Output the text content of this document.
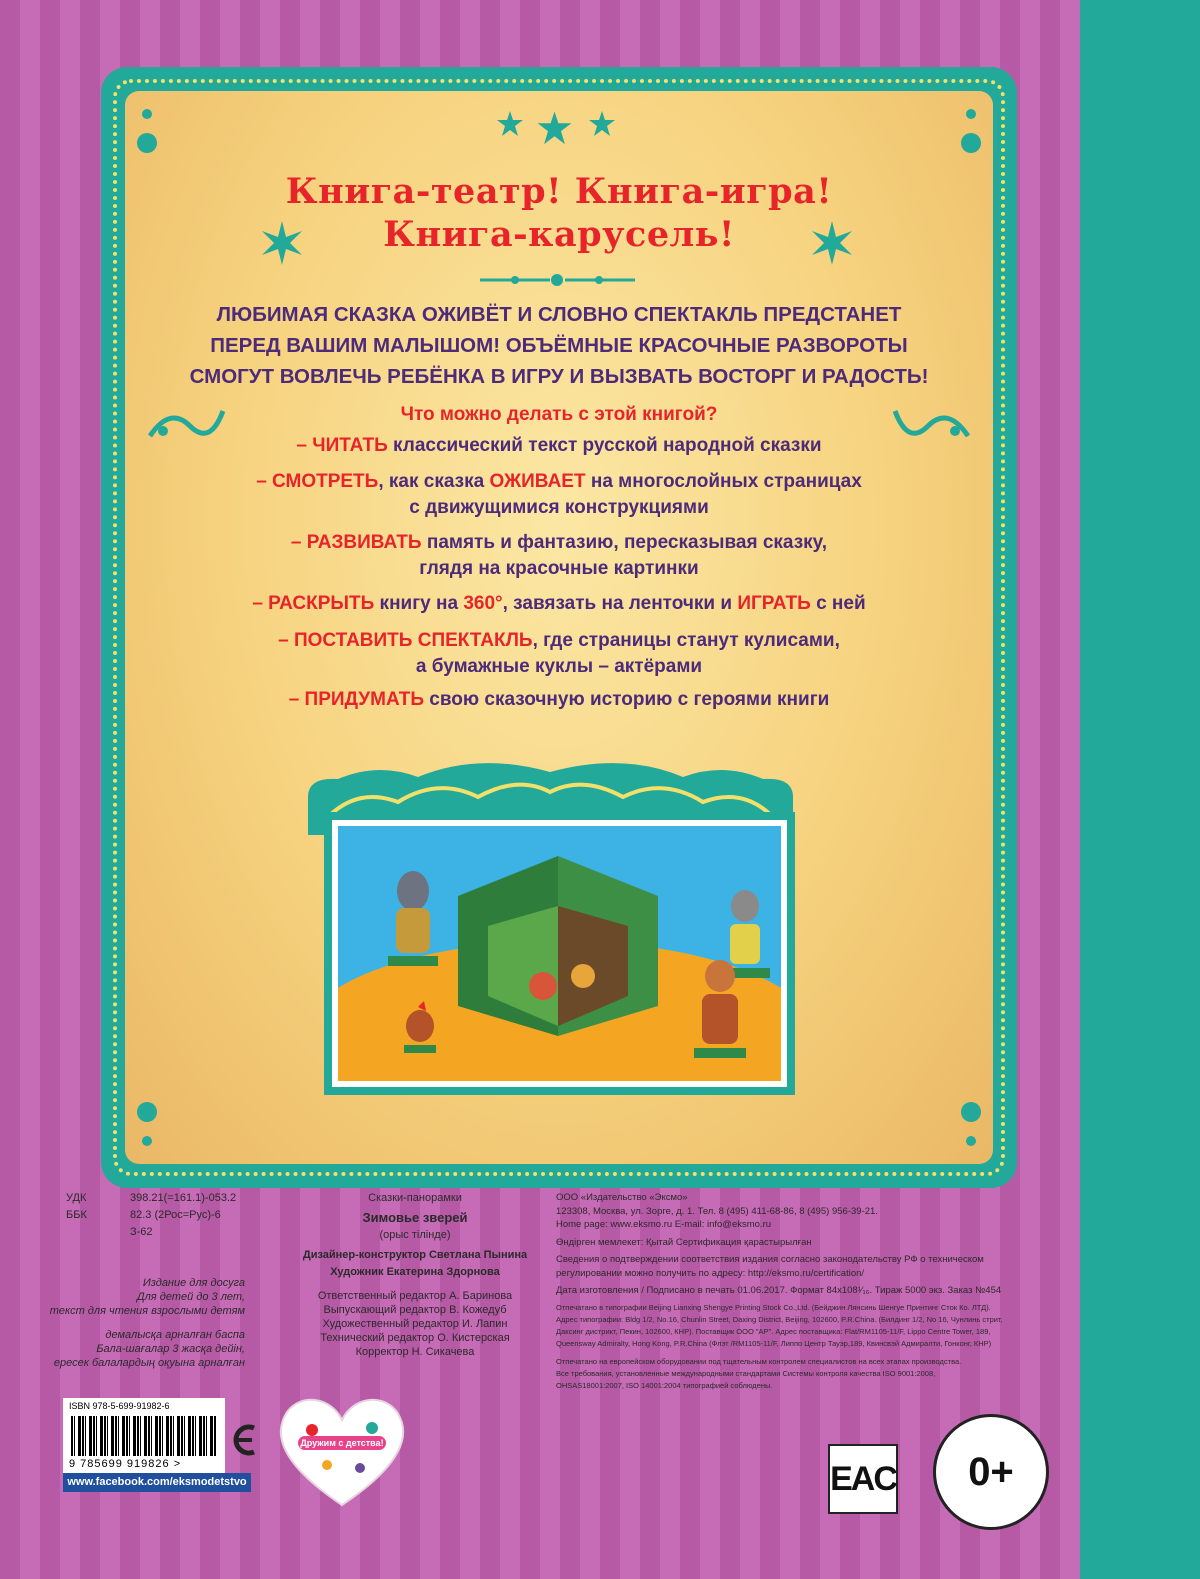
Книга-театр! Книга-игра!
Книга-карусель!
ЛЮБИМАЯ СКАЗКА ОЖИВЁТ И СЛОВНО СПЕКТАКЛЬ ПРЕДСТАНЕТ
ПЕРЕД ВАШИМ МАЛЫШОМ! ОБЪЁМНЫЕ КРАСОЧНЫЕ РАЗВОРОТЫ
СМОГУТ ВОВЛЕЧЬ РЕБЁНКА В ИГРУ И ВЫЗВАТЬ ВОСТОРГ И РАДОСТЬ!
Что можно делать с этой книгой?
– ЧИТАТЬ классический текст русской народной сказки
– СМОТРЕТЬ, как сказка ОЖИВАЕТ на многослойных страницах
с движущимися конструкциями
– РАЗВИВАТЬ память и фантазию, пересказывая сказку,
глядя на красочные картинки
– РАСКРЫТЬ книгу на 360°, завязать на ленточки и ИГРАТЬ с ней
– ПОСТАВИТЬ СПЕКТАКЛЬ, где страницы станут кулисами,
а бумажные куклы – актёрами
– ПРИДУМАТЬ свою сказочную историю с героями книги
УДК	398.21(=161.1)-053.2
ББК	82.3 (2Рос=Рус)-6
З-62
Издание для досуга
Для детей до 3 лет,
текст для чтения взрослыми детям
демалысқа арналған баспа
Бала-шағалар 3 жасқа дейін,
ересек балалардың оқуына арналған
Сказки-панорамки
Зимовье зверей
(орыс тілінде)
Дизайнер-конструктор Светлана Пынина
Художник Екатерина Здорнова
Ответственный редактор А. Баринова
Выпускающий редактор В. Кожедуб
Художественный редактор И. Лапин
Технический редактор О. Кистерская
Корректор Н. Сикачева
ООО «Издательство «Эксмо»
123308, Москва, ул. Зорге, д. 1. Тел. 8 (495) 411-68-86, 8 (495) 956-39-21.
Home page: www.eksmo.ru E-mail: info@eksmo.ru
Өндірген мемлекет: Қытай Сертификация қарастырылған
Сведения о подтверждении соответствия издания согласно законодательству РФ о техническом
регулировании можно получить по адресу: http://eksmo.ru/certification/
Дата изготовления / Подписано в печать 01.06.2017. Формат 84x108¹⁄₁₆. Тираж 5000 экз. Заказ №454
Отпечатано в типографии Beijing Lianxing Shengye Printing Stock Co.,Ltd. (Бейджин Лянсинь Шенгуе Принтинг Сток Ко. ЛТД).
Адрес типографии: Bldg 1/2, No.16, Chunlin Street, Daxing District, Beijing, 102600, P.R.China. (Билдинг 1/2, No 16, Чунлинь стрит,
Даксинг дистрикт, Пекин, 102600, КНР). Поставщик ООО "АР". Адрес поставщика: Flat/RM1105-11/F, Lippo Centre Tower, 189,
Queensway Admiralty, Hong Kong, P.R.China (Флэт /RM1105-11/F, Липпо Центр Тауэр,189, Квинсвэй Адмиралти, Гонконг, КНР)
Отпечатано на европейском оборудовании под тщательным контролем специалистов на всех этапах производства.
Все требования, установленные международными стандартами Системы контроля качества ISO 9001:2008,
OHSAS18001:2007, ISO 14001:2004 типографией соблюдены.
ISBN 978-5-699-91982-6
9 785699 919826 >
www.facebook.com/eksmodetstvo
Дружим с детства!
EAC	0+
